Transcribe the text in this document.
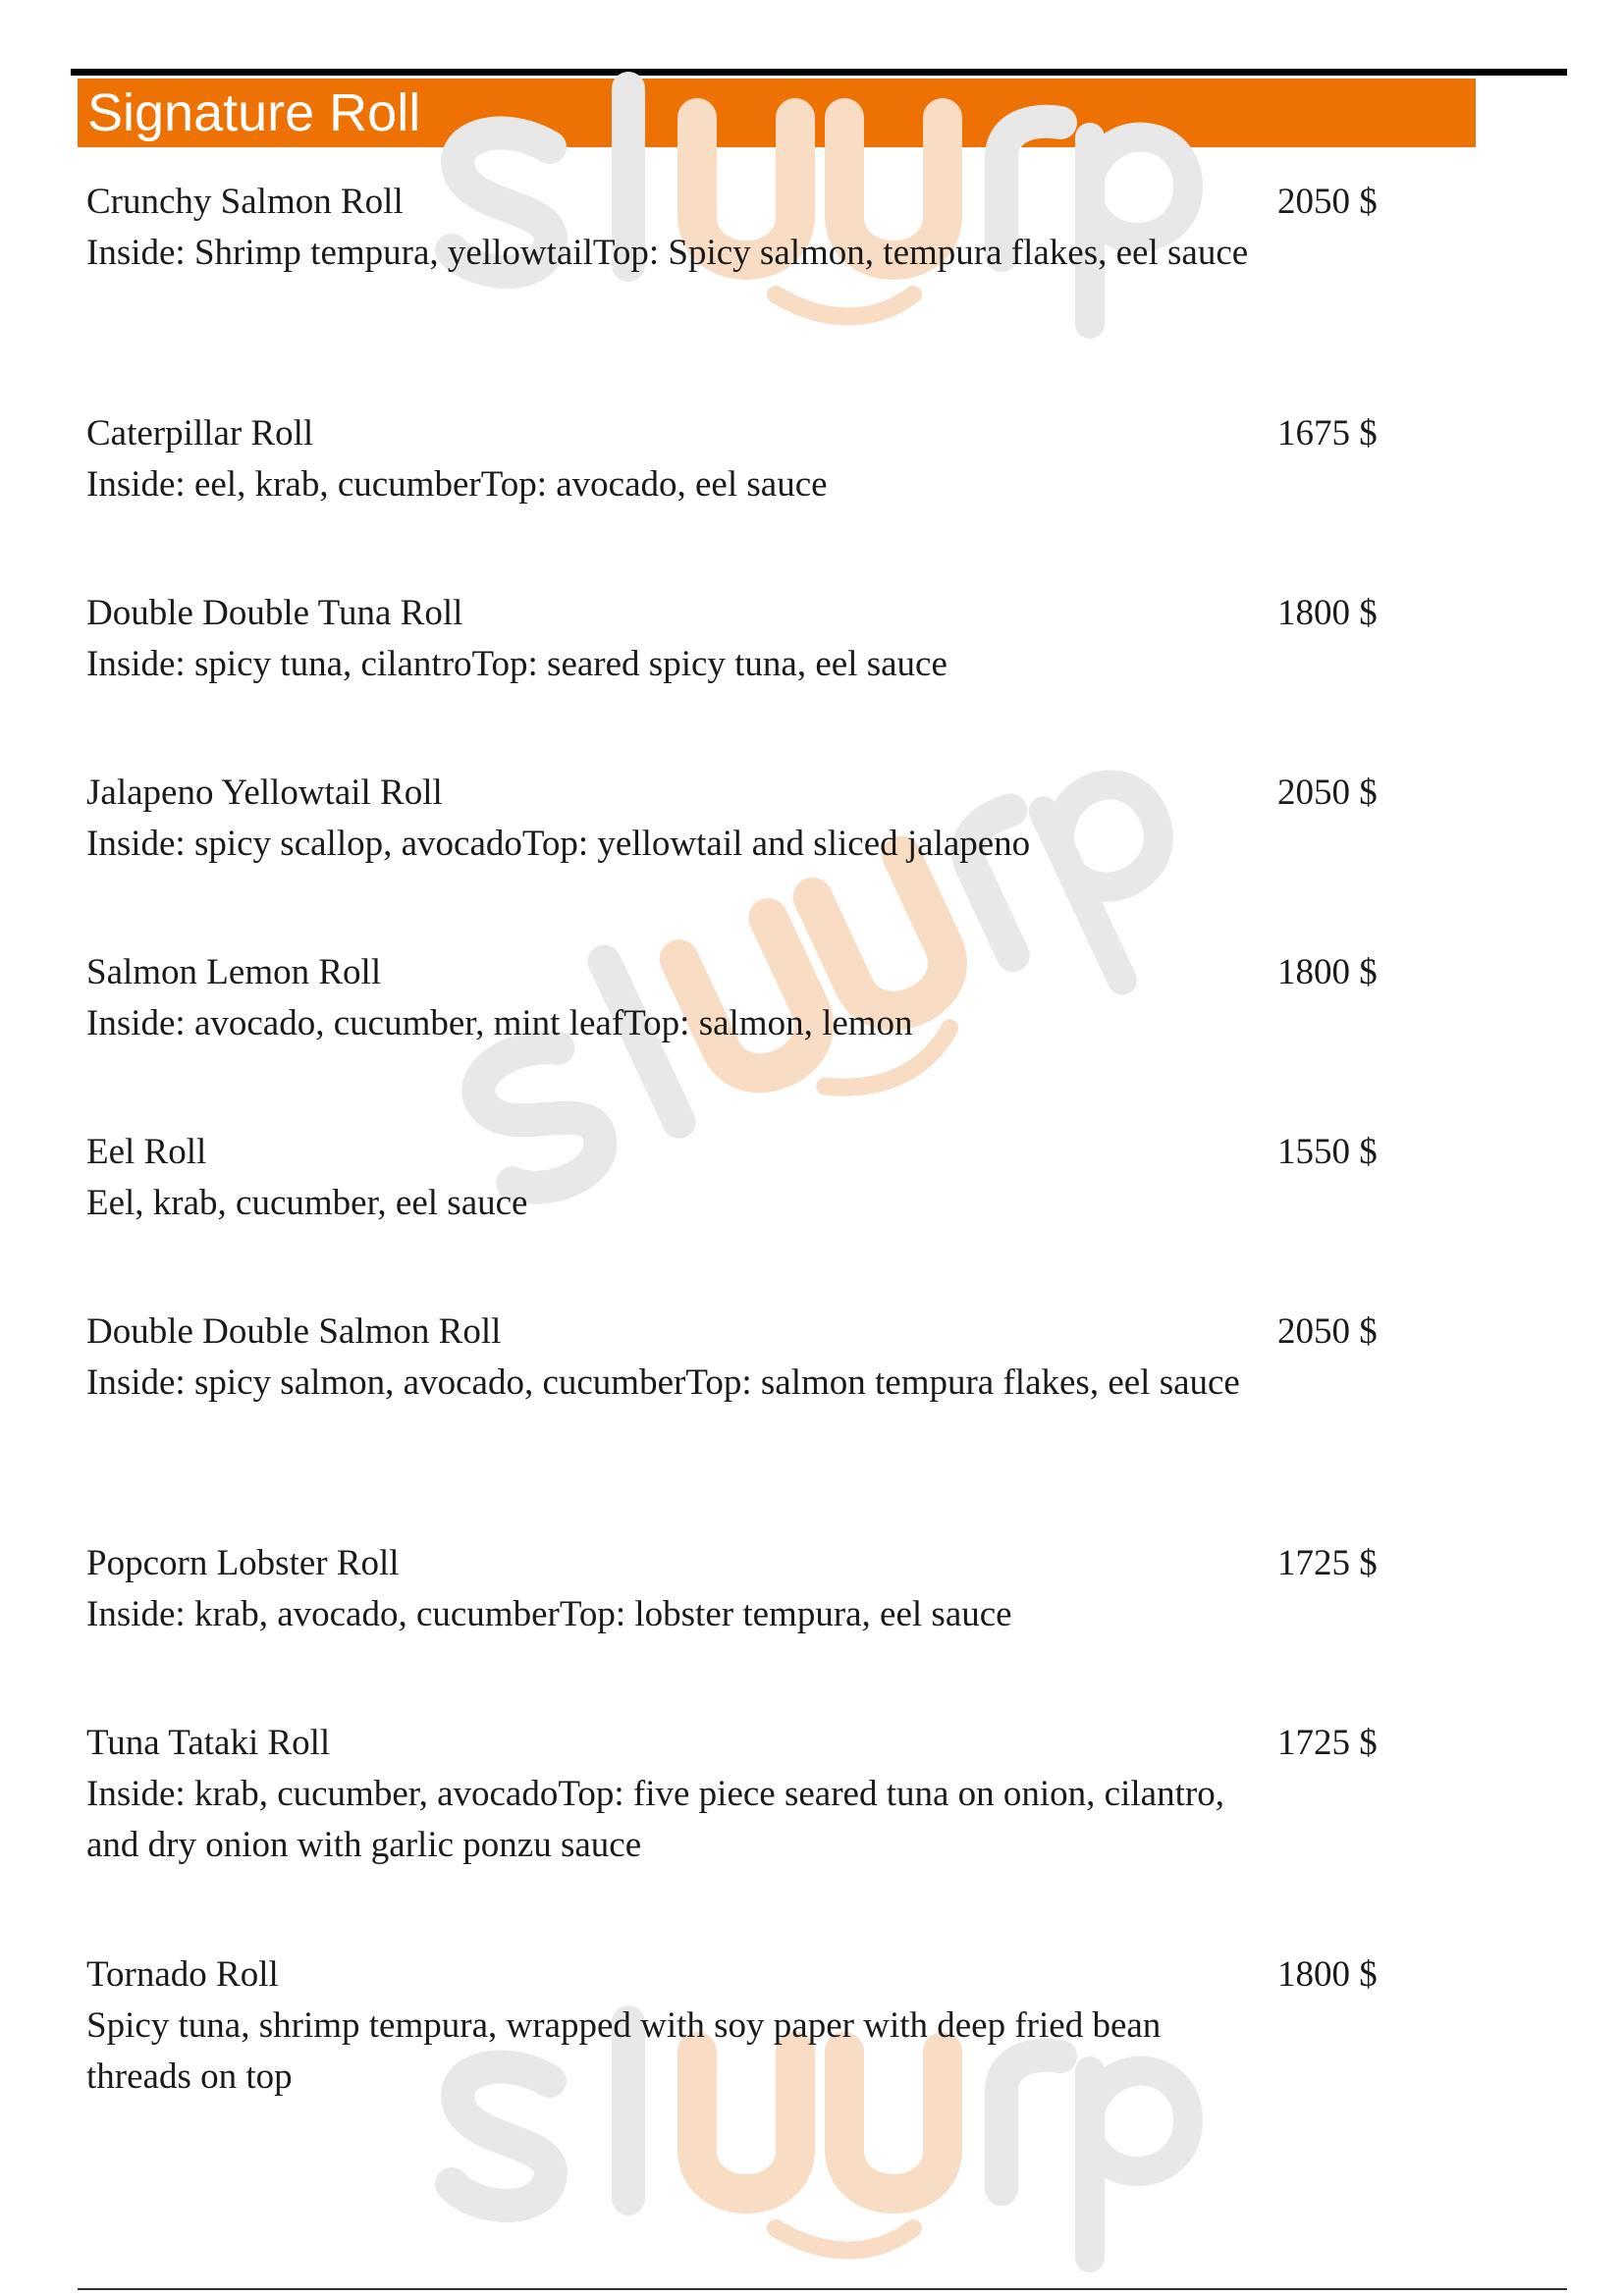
Signature Roll
Crunchy Salmon Roll
Inside: Shrimp tempura, yellowtailTop: Spicy salmon, tempura flakes, eel sauce
2050 $
Caterpillar Roll
Inside: eel, krab, cucumberTop: avocado, eel sauce
1675 $
Double Double Tuna Roll
Inside: spicy tuna, cilantroTop: seared spicy tuna, eel sauce
1800 $
Jalapeno Yellowtail Roll
Inside: spicy scallop, avocadoTop: yellowtail and sliced jalapeno
2050 $
Salmon Lemon Roll
Inside: avocado, cucumber, mint leafTop: salmon, lemon
1800 $
Eel Roll
Eel, krab, cucumber, eel sauce
1550 $
Double Double Salmon Roll
Inside: spicy salmon, avocado, cucumberTop: salmon tempura flakes, eel sauce
2050 $
Popcorn Lobster Roll
Inside: krab, avocado, cucumberTop: lobster tempura, eel sauce
1725 $
Tuna Tataki Roll
Inside: krab, cucumber, avocadoTop: five piece seared tuna on onion, cilantro, and dry onion with garlic ponzu sauce
1725 $
Tornado Roll
Spicy tuna, shrimp tempura, wrapped with soy paper with deep fried bean threads on top
1800 $
